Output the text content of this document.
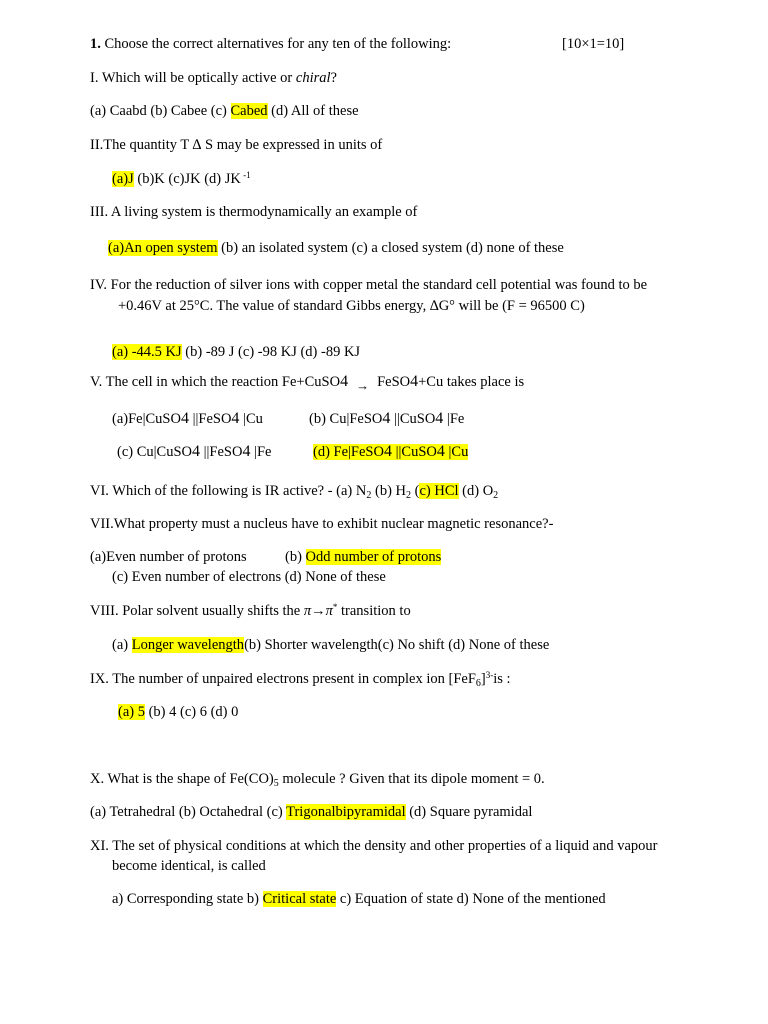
1. Choose the correct alternatives for any ten of the following:	[10×1=10]
I. Which will be optically active or chiral?
(a) Caabd (b) Cabee (c) Cabed (d) All of these
II.The quantity T ∆ S may be expressed in units of
(a)J (b)K (c)JK (d) JK $^{-1}$
III. A living system is thermodynamically an example of
(a)An open system (b) an isolated system (c) a closed system (d) none of these
IV. For the reduction of silver ions with copper metal the standard cell potential was found to be
+0.46V at 25°C. The value of standard Gibbs energy, ∆G° will be (F = 96500 C)
(a) -44.5 KJ (b) -89 J (c) -98 KJ (d) -89 KJ
V. The cell in which the reaction Fe+CuSO4 → FeSO4+Cu takes place is
(a)Fe|CuSO4 ||FeSO4 |Cu	(b) Cu|FeSO4 ||CuSO4 |Fe
(c) Cu|CuSO4 ||FeSO4 |Fe	(d) Fe|FeSO4 ||CuSO4 |Cu
VI. Which of the following is IR active? - (a) $N_2$ (b) $H_2$ (c) HCl (d) $O_2$
VII.What property must a nucleus have to exhibit nuclear magnetic resonance?-
(a)Even number of protons	(b) Odd number of protons
(c) Even number of electrons (d) None of these
VIII. Polar solvent usually shifts the π→π* transition to
(a) Longer wavelength(b) Shorter wavelength(c) No shift (d) None of these
IX. The number of unpaired electrons present in complex ion $[FeF_6]^{3-}is$ :
(a) 5 (b) 4 (c) 6 (d) 0
X. What is the shape of $Fe(CO)_5$ molecule ? Given that its dipole moment = 0.
(a) Tetrahedral (b) Octahedral (c) Trigonalbipyramidal (d) Square pyramidal
XI. The set of physical conditions at which the density and other properties of a liquid and vapour
become identical, is called
a) Corresponding state b) Critical state c) Equation of state d) None of the mentioned
